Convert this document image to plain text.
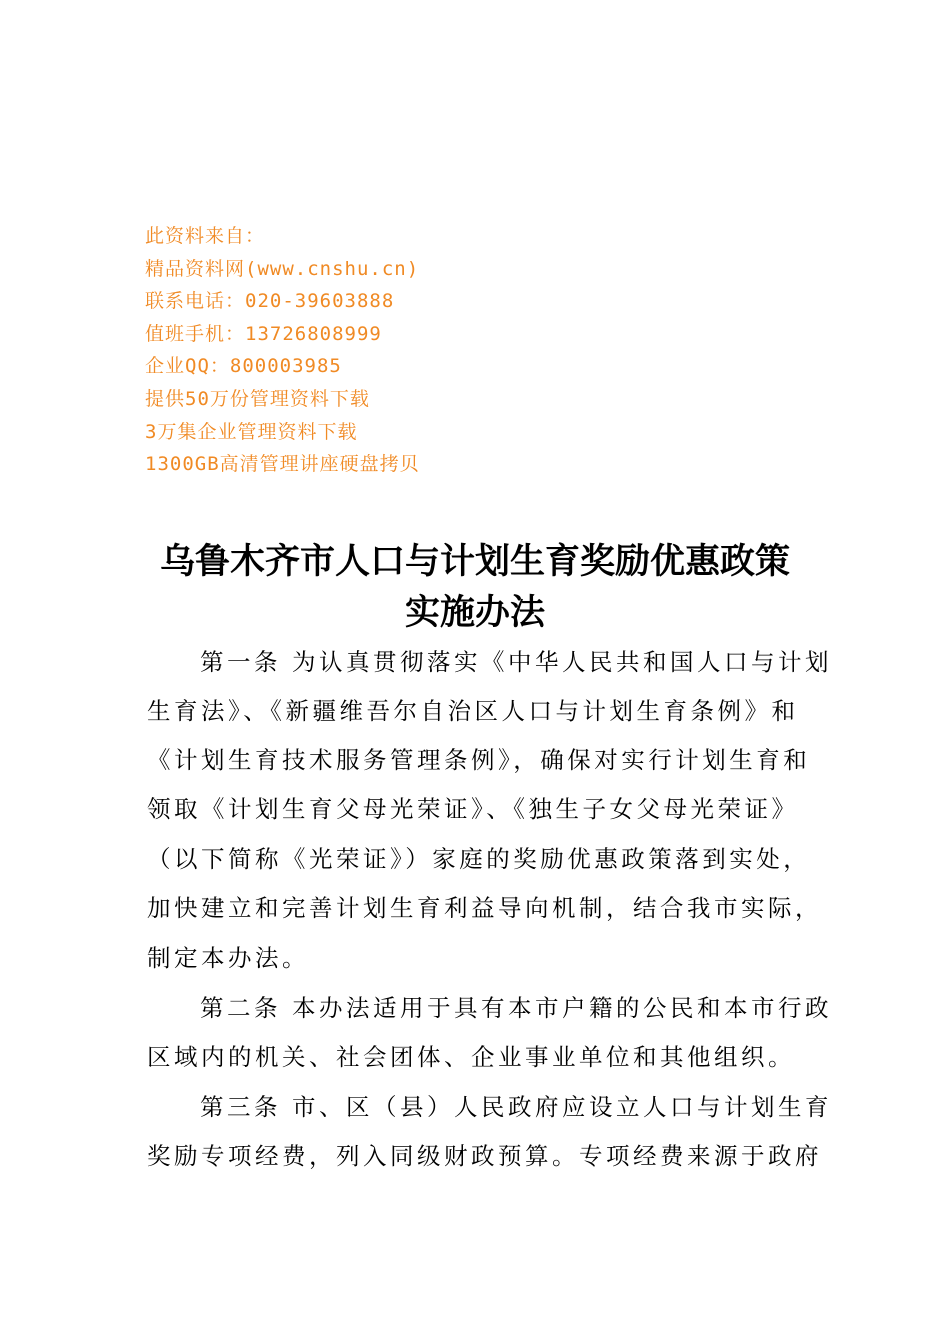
此资料来自：
精品资料网(www.cnshu.cn)
联系电话：020-39603888
值班手机：13726808999
企业QQ：800003985
提供50万份管理资料下载
3万集企业管理资料下载
1300GB高清管理讲座硬盘拷贝
乌鲁木齐市人口与计划生育奖励优惠政策
实施办法
第一条 为认真贯彻落实《中华人民共和国人口与计划
生育法》、《新疆维吾尔自治区人口与计划生育条例》和
《计划生育技术服务管理条例》，确保对实行计划生育和
领取《计划生育父母光荣证》、《独生子女父母光荣证》
（以下简称《光荣证》）家庭的奖励优惠政策落到实处，
加快建立和完善计划生育利益导向机制，结合我市实际，
制定本办法。
第二条 本办法适用于具有本市户籍的公民和本市行政
区域内的机关、社会团体、企业事业单位和其他组织。
第三条 市、区（县）人民政府应设立人口与计划生育
奖励专项经费，列入同级财政预算。专项经费来源于政府
